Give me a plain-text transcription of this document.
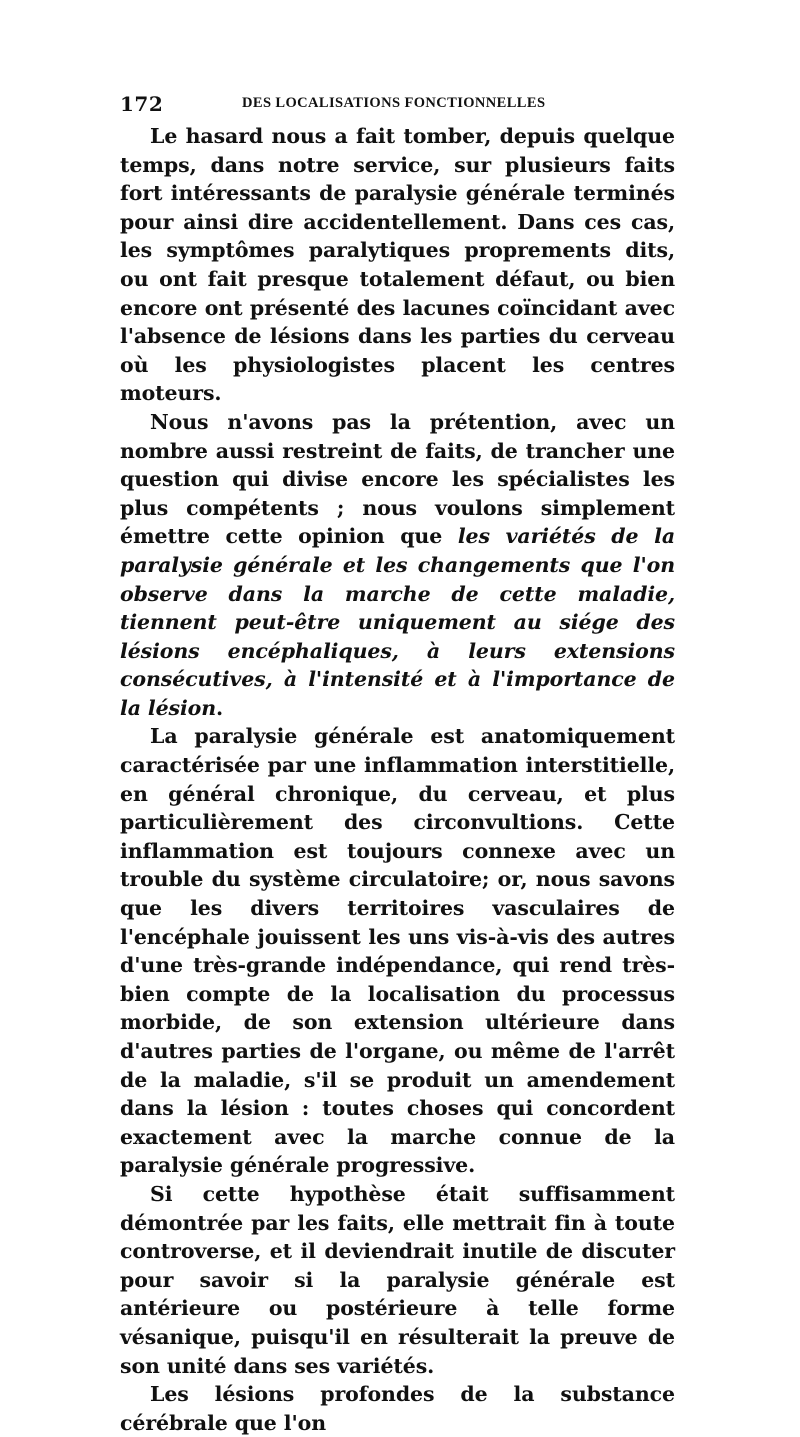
172	DES LOCALISATIONS FONCTIONNELLES

Le hasard nous a fait tomber, depuis quelque temps, dans notre service, sur plusieurs faits fort intéressants de paralysie générale terminés pour ainsi dire accidentellement. Dans ces cas, les symptômes paralytiques proprements dits, ou ont fait presque totalement défaut, ou bien encore ont présenté des lacunes coïncidant avec l'absence de lésions dans les parties du cerveau où les physiologistes placent les centres moteurs.

Nous n'avons pas la prétention, avec un nombre aussi restreint de faits, de trancher une question qui divise encore les spécialistes les plus compétents ; nous voulons simplement émettre cette opinion que les variétés de la paralysie générale et les changements que l'on observe dans la marche de cette maladie, tiennent peut-être uniquement au siége des lésions encéphaliques, à leurs extensions consécutives, à l'intensité et à l'importance de la lésion.

La paralysie générale est anatomiquement caractérisée par une inflammation interstitielle, en général chronique, du cerveau, et plus particulièrement des circonvultions. Cette inflammation est toujours connexe avec un trouble du système circulatoire; or, nous savons que les divers territoires vasculaires de l'encéphale jouissent les uns vis-à-vis des autres d'une très-grande indépendance, qui rend très-bien compte de la localisation du processus morbide, de son extension ultérieure dans d'autres parties de l'organe, ou même de l'arrêt de la maladie, s'il se produit un amendement dans la lésion : toutes choses qui concordent exactement avec la marche connue de la paralysie générale progressive.

Si cette hypothèse était suffisamment démontrée par les faits, elle mettrait fin à toute controverse, et il deviendrait inutile de discuter pour savoir si la paralysie générale est antérieure ou postérieure à telle forme vésanique, puisqu'il en résulterait la preuve de son unité dans ses variétés.

Les lésions profondes de la substance cérébrale que l'on
